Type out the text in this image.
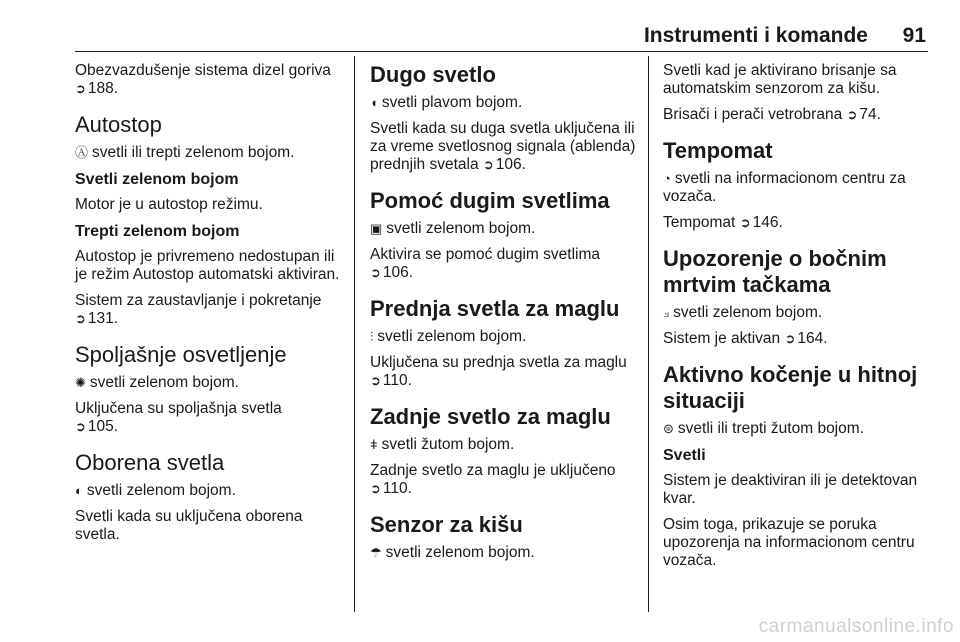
Instrumenti i komande 91

Obezvazdušenje sistema dizel goriva
➲ 188.

Autostop

Ⓐ svetli ili trepti zelenom bojom.

Svetli zelenom bojom

Motor je u autostop režimu.

Trepti zelenom bojom

Autostop je privremeno nedostupan ili je režim Autostop automatski aktiviran.

Sistem za zaustavljanje i pokretanje
➲ 131.

Spoljašnje osvetljenje

✺ svetli zelenom bojom.

Uključena su spoljašnja svetla
➲ 105.

Oborena svetla

◐ svetli zelenom bojom.

Svetli kada su uključena oborena svetla.

Dugo svetlo

◖ svetli plavom bojom.

Svetli kada su duga svetla uključena ili za vreme svetlosnog signala (ablenda) prednjih svetala ➲ 106.

Pomoć dugim svetlima

▣ svetli zelenom bojom.

Aktivira se pomoć dugim svetlima
➲ 106.

Prednja svetla za maglu

⫶ svetli zelenom bojom.

Uključena su prednja svetla za maglu
➲ 110.

Zadnje svetlo za maglu

ǂ svetli žutom bojom.

Zadnje svetlo za maglu je uključeno
➲ 110.

Senzor za kišu

☂ svetli zelenom bojom.

Svetli kad je aktivirano brisanje sa automatskim senzorom za kišu.

Brisači i perači vetrobrana ➲ 74.

Tempomat

◔ svetli na informacionom centru za vozača.

Tempomat ➲ 146.

Upozorenje o bočnim mrtvim tačkama

⟓ svetli zelenom bojom.

Sistem je aktivan ➲ 164.

Aktivno kočenje u hitnoj situaciji

⊜ svetli ili trepti žutom bojom.

Svetli

Sistem je deaktiviran ili je detektovan kvar.

Osim toga, prikazuje se poruka upozorenja na informacionom centru vozača.

carmanualsonline.info
